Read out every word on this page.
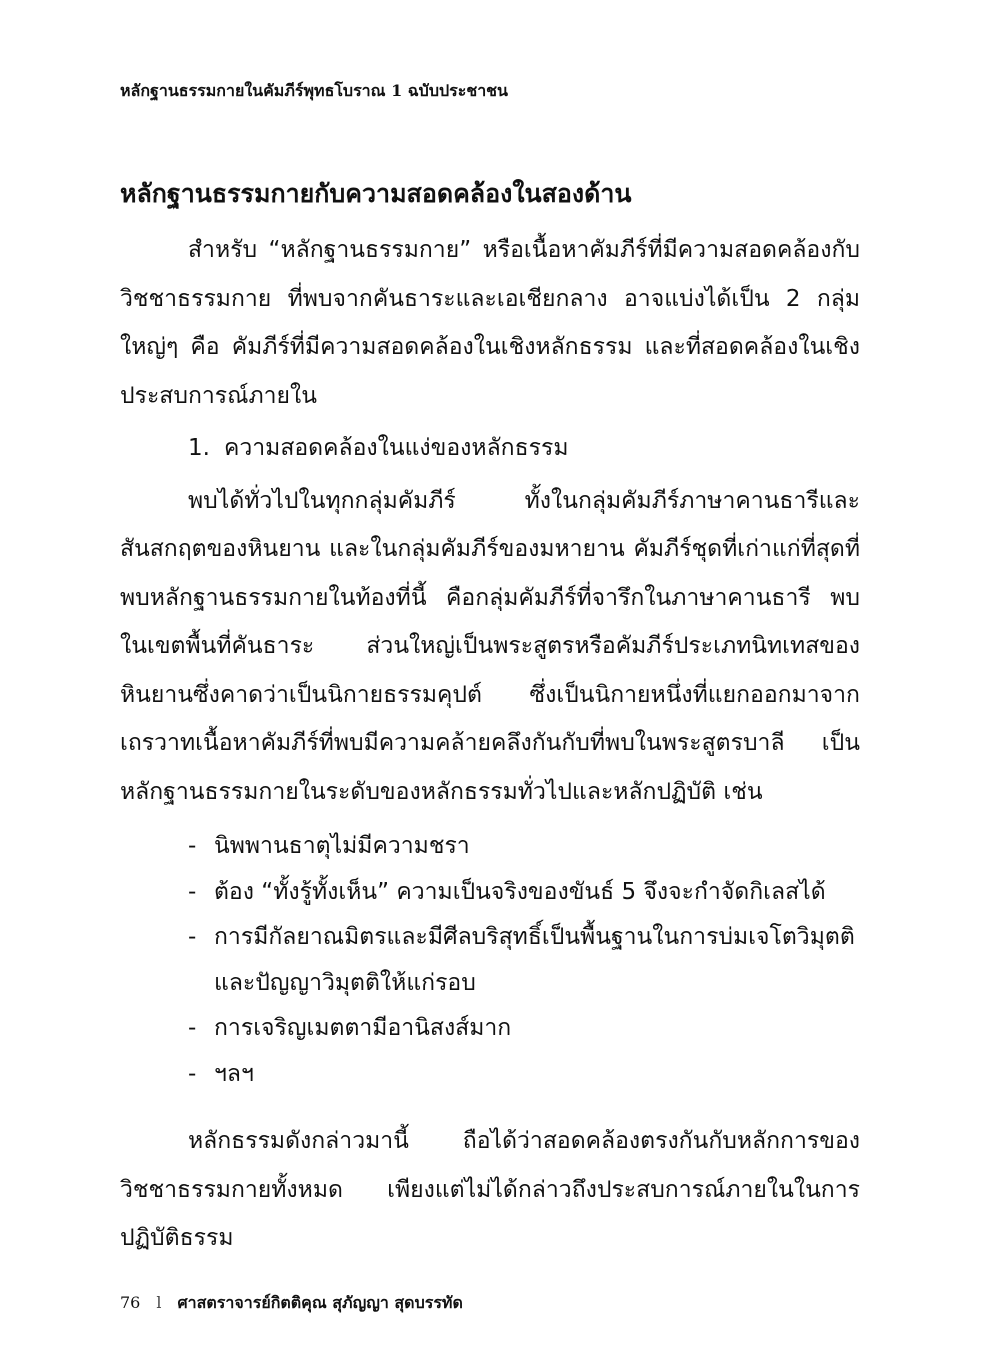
หลักฐานธรรมกายในคัมภีร์พุทธโบราณ 1 ฉบับประชาชน
หลักฐานธรรมกายกับความสอดคล้องในสองด้าน

สำหรับ “หลักฐานธรรมกาย” หรือเนื้อหาคัมภีร์ที่มีความสอดคล้องกับวิชชาธรรมกาย ที่พบจากคันธาระและเอเชียกลาง อาจแบ่งได้เป็น 2 กลุ่มใหญ่ๆ คือ คัมภีร์ที่มีความสอดคล้องในเชิงหลักธรรม และที่สอดคล้องในเชิงประสบการณ์ภายใน

1. ความสอดคล้องในแง่ของหลักธรรม

พบได้ทั่วไปในทุกกลุ่มคัมภีร์ ทั้งในกลุ่มคัมภีร์ภาษาคานธารีและสันสกฤตของหินยาน และในกลุ่มคัมภีร์ของมหายาน คัมภีร์ชุดที่เก่าแก่ที่สุดที่พบหลักฐานธรรมกายในท้องที่นี้ คือกลุ่มคัมภีร์ที่จารึกในภาษาคานธารี พบในเขตพื้นที่คันธาระ ส่วนใหญ่เป็นพระสูตรหรือคัมภีร์ประเภทนิทเทสของหินยานซึ่งคาดว่าเป็นนิกายธรรมคุปต์ ซึ่งเป็นนิกายหนึ่งที่แยกออกมาจากเถรวาทเนื้อหาคัมภีร์ที่พบมีความคล้ายคลึงกันกับที่พบในพระสูตรบาลี เป็นหลักฐานธรรมกายในระดับของหลักธรรมทั่วไปและหลักปฏิบัติ เช่น

- นิพพานธาตุไม่มีความชรา
- ต้อง “ทั้งรู้ทั้งเห็น” ความเป็นจริงของขันธ์ 5 จึงจะกำจัดกิเลสได้
- การมีกัลยาณมิตรและมีศีลบริสุทธิ์เป็นพื้นฐานในการบ่มเจโตวิมุตติและปัญญาวิมุตติให้แก่รอบ
- การเจริญเมตตามีอานิสงส์มาก
- ฯลฯ

หลักธรรมดังกล่าวมานี้ ถือได้ว่าสอดคล้องตรงกันกับหลักการของวิชชาธรรมกายทั้งหมด เพียงแต่ไม่ได้กล่าวถึงประสบการณ์ภายในในการปฏิบัติธรรม

76 l ศาสตราจารย์กิตติคุณ สุภัญญา สุดบรรทัด
